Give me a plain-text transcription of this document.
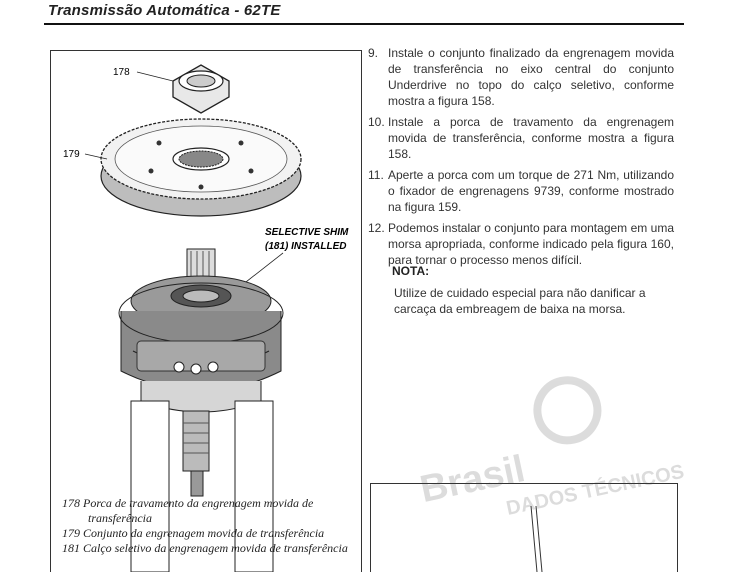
Transmissão Automática - 62TE
178
179
SELECTIVE SHIM
(181) INSTALLED
178 Porca de travamento da engrenagem movida de
transferência
179 Conjunto da engrenagem movida de transferência
181 Calço seletivo da engrenagem movida de transferência
9. Instale o conjunto finalizado da engrenagem movida de transferência no eixo central do conjunto Underdrive no topo do calço seletivo, conforme mostra a figura 158.
10. Instale a porca de travamento da engrenagem movida de transferência, conforme mostra a figura 158.
11. Aperte a porca com um torque de 271 Nm, utilizando o fixador de engrenagens 9739, conforme mostrado na figura 159.
12. Podemos instalar o conjunto para montagem em uma morsa apropriada, conforme indicado pela figura 160, para tornar o processo menos difícil.
NOTA:
Utilize de cuidado especial para não danificar a carcaça da embreagem de baixa na morsa.
Brasil
DADOS TÉCNICOS
